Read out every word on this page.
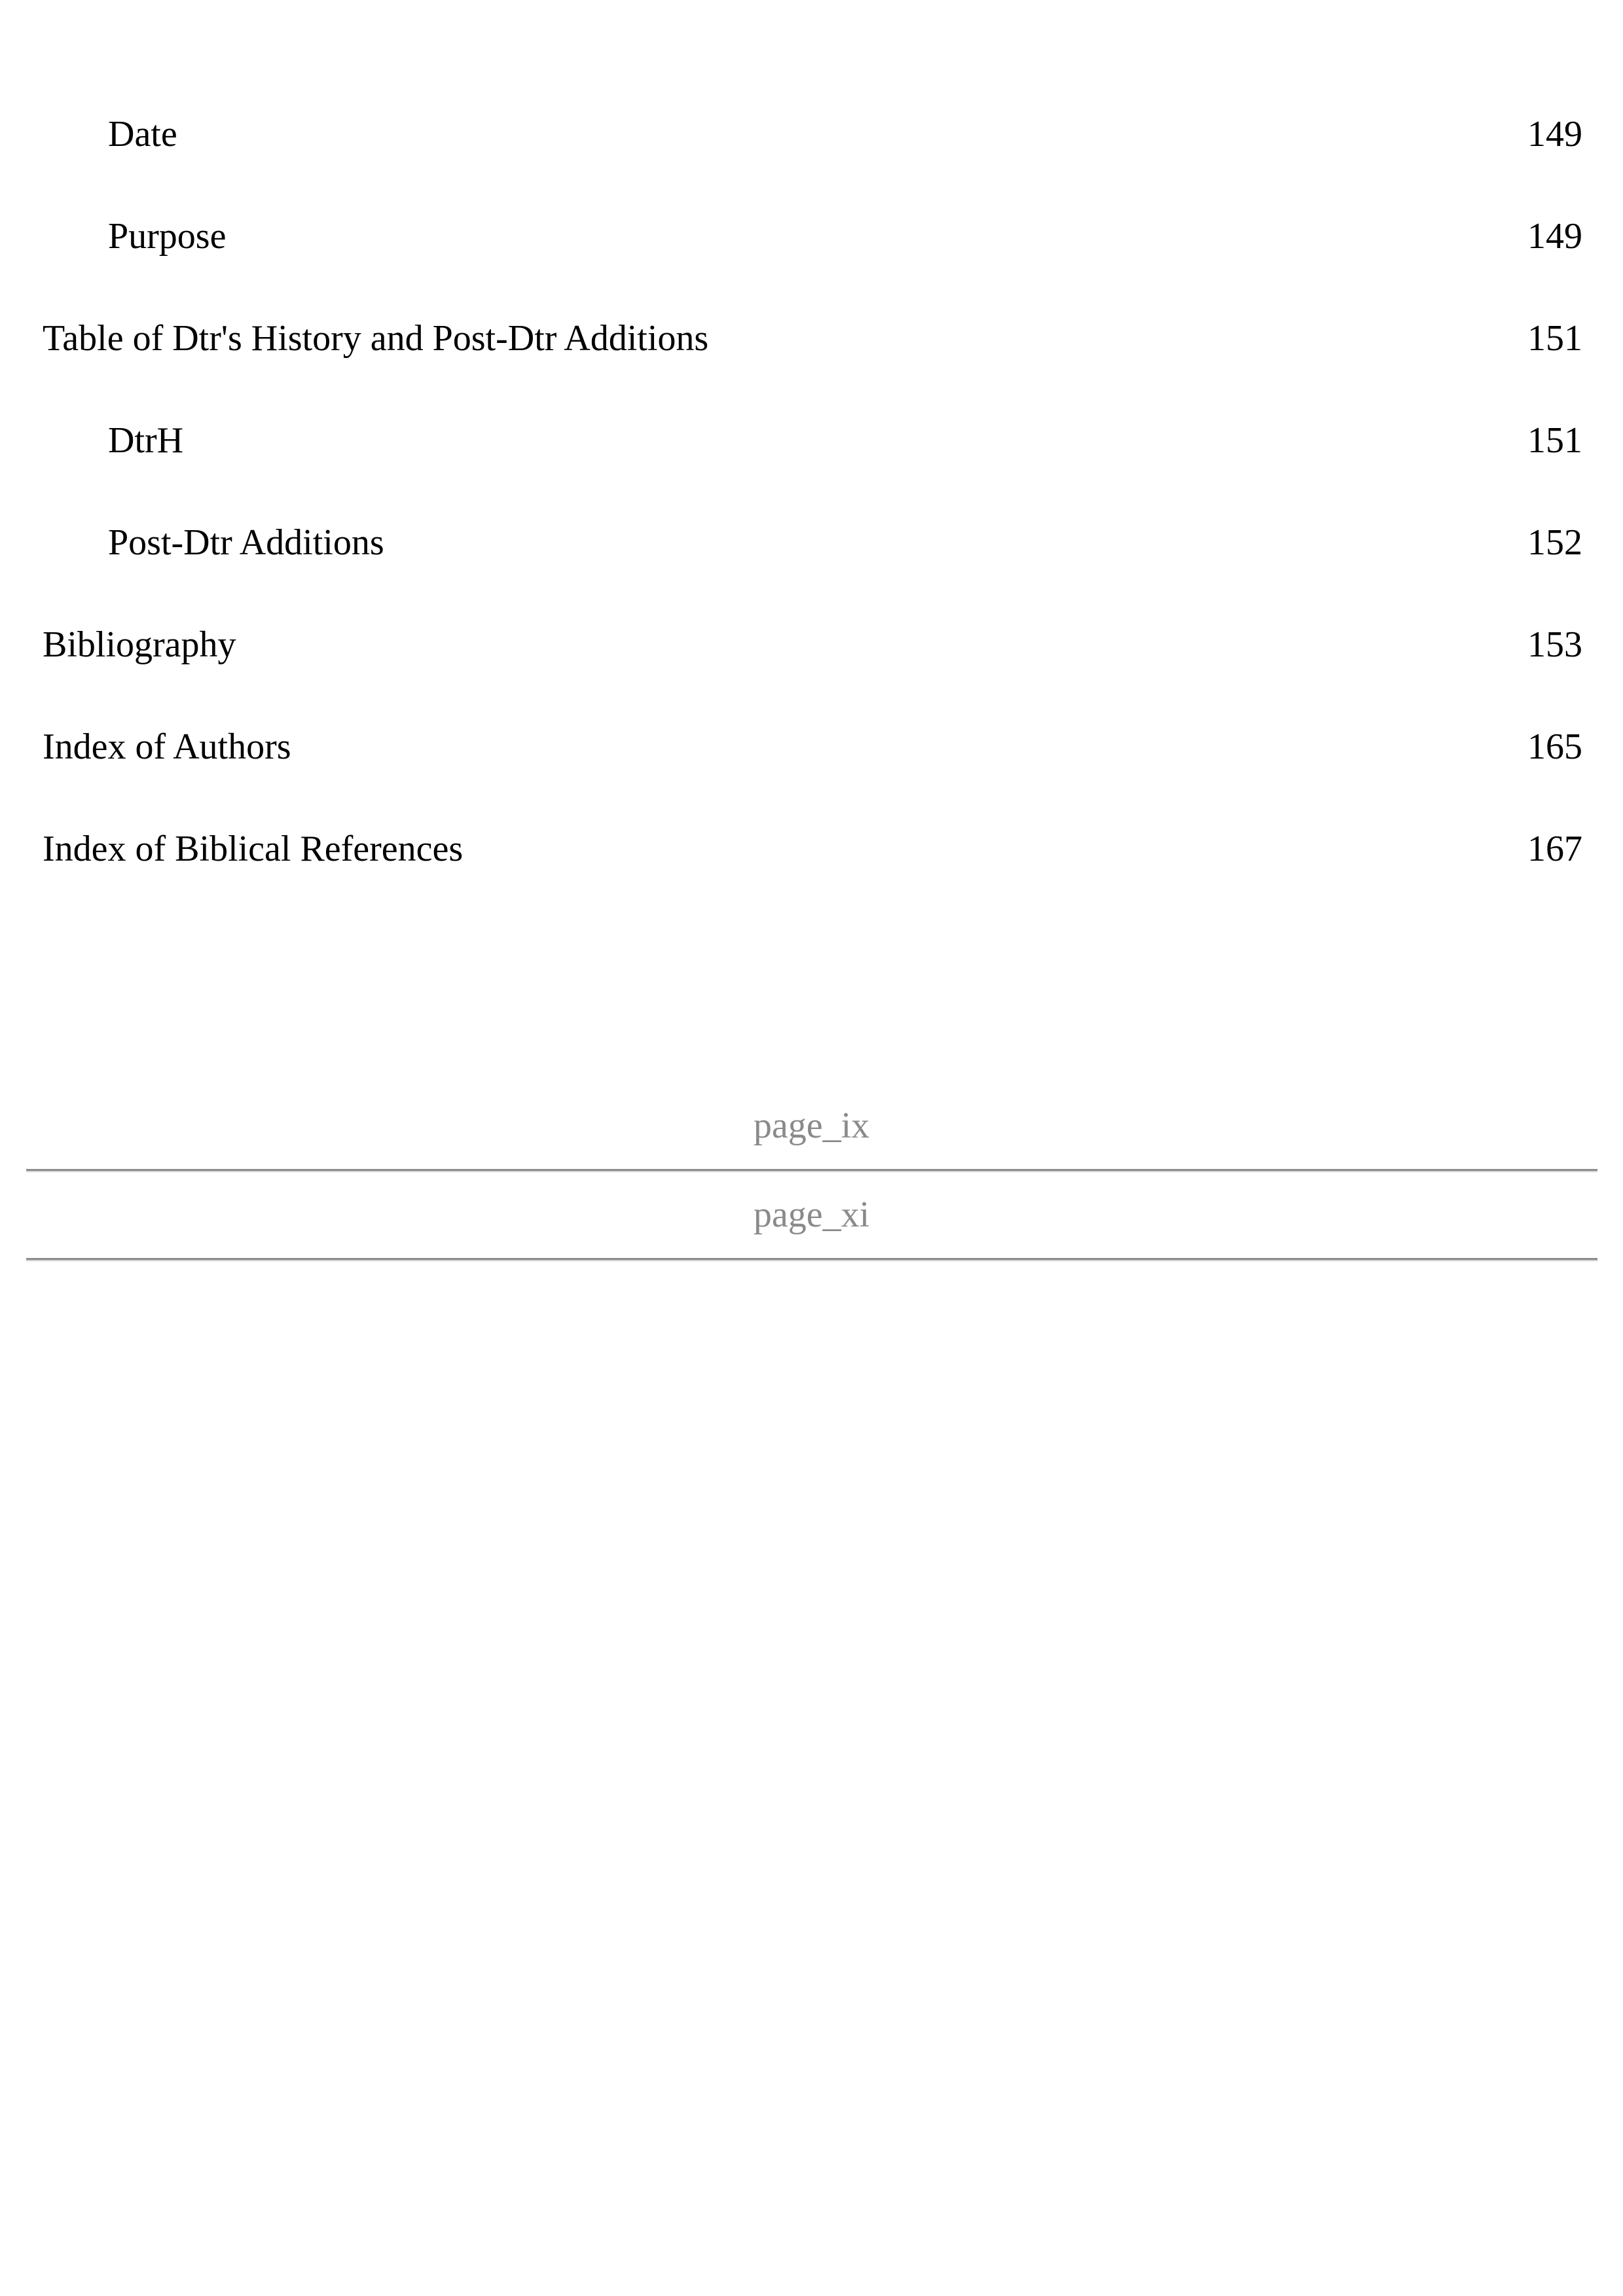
Date	149
Purpose	149
Table of Dtr's History and Post-Dtr Additions	151
DtrH	151
Post-Dtr Additions	152
Bibliography	153
Index of Authors	165
Index of Biblical References	167
page_ix
page_xi
